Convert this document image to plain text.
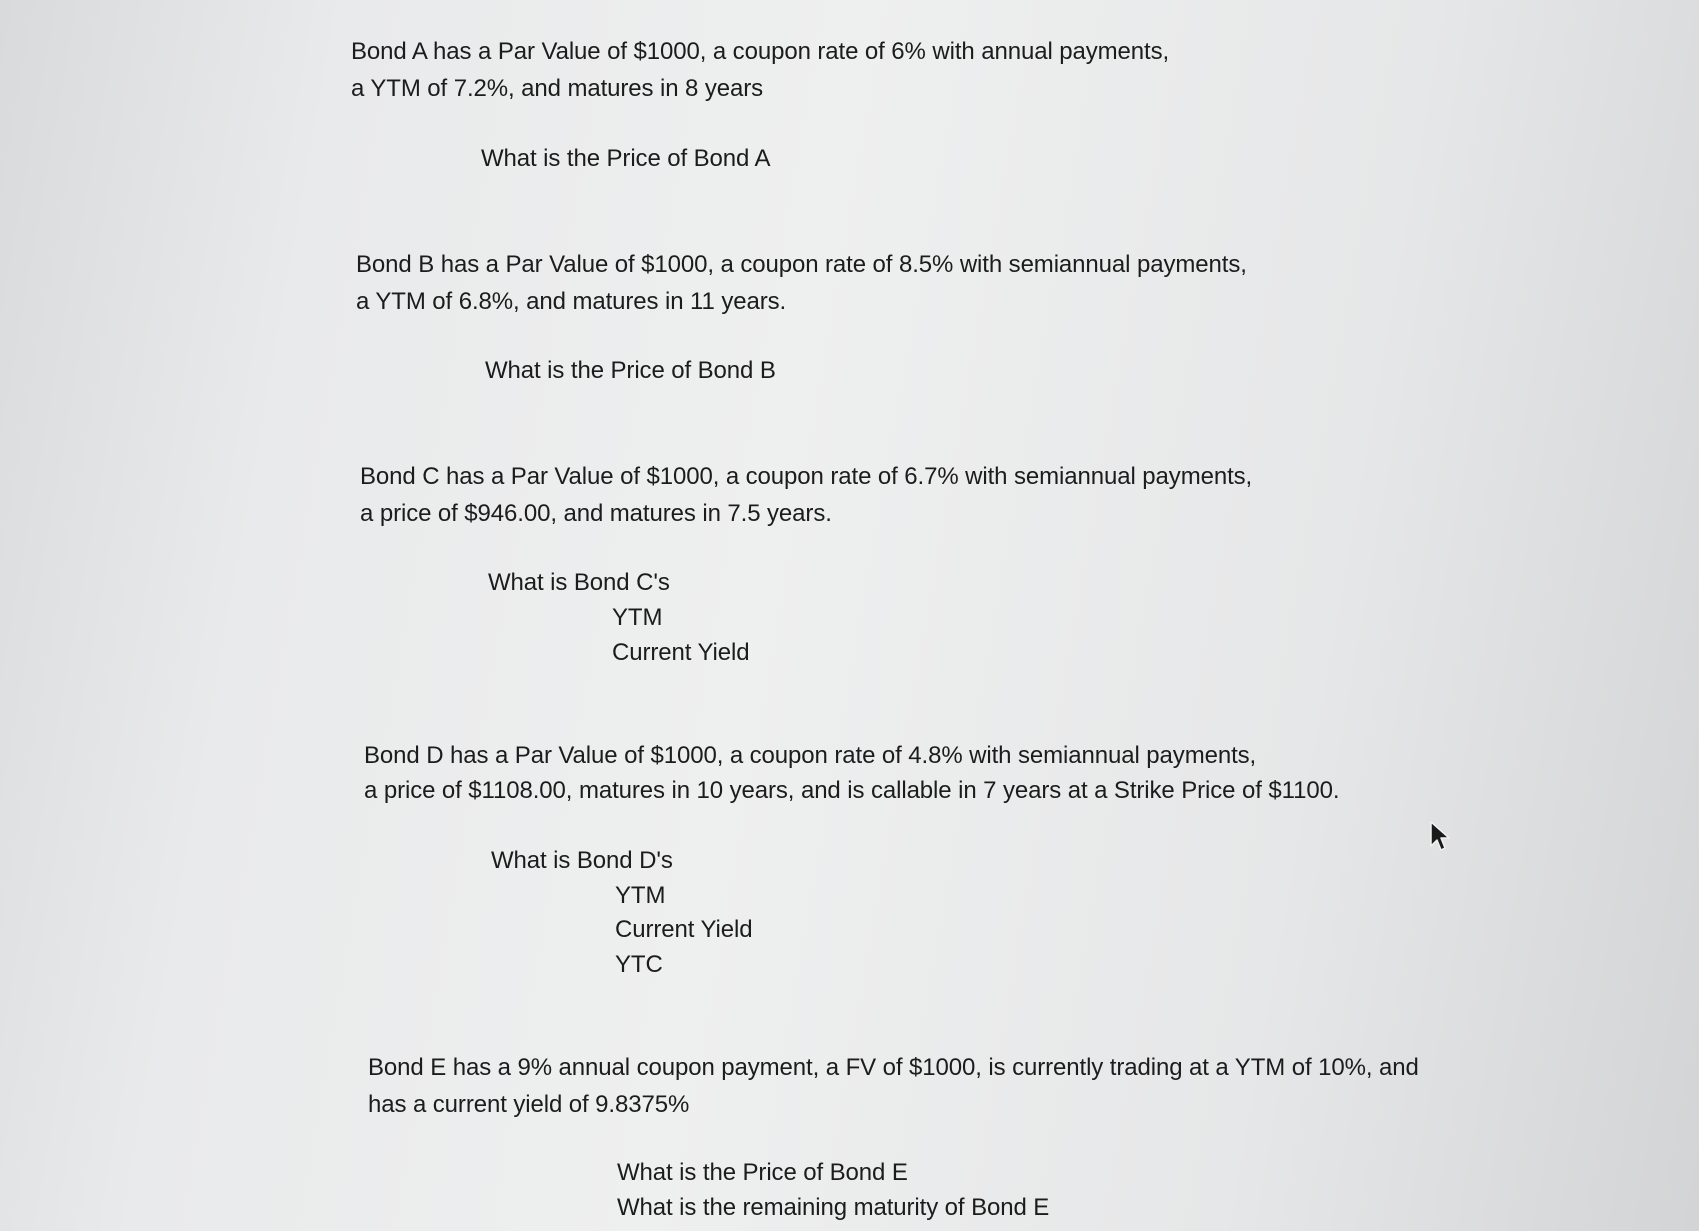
Bond A has a Par Value of $1000, a coupon rate of 6% with annual payments,
a YTM of 7.2%, and matures in 8 years
What is the Price of Bond A
Bond B has a Par Value of $1000, a coupon rate of 8.5% with semiannual payments,
a YTM of 6.8%, and matures in 11 years.
What is the Price of Bond B
Bond C has a Par Value of $1000, a coupon rate of 6.7% with semiannual payments,
a price of $946.00, and matures in 7.5 years.
What is Bond C's
YTM
Current Yield
Bond D has a Par Value of $1000, a coupon rate of 4.8% with semiannual payments,
a price of $1108.00, matures in 10 years, and is callable in 7 years at a Strike Price of $1100.
What is Bond D's
YTM
Current Yield
YTC
Bond E has a 9% annual coupon payment, a FV of $1000, is currently trading at a YTM of 10%, and
has a current yield of 9.8375%
What is the Price of Bond E
What is the remaining maturity of Bond E
